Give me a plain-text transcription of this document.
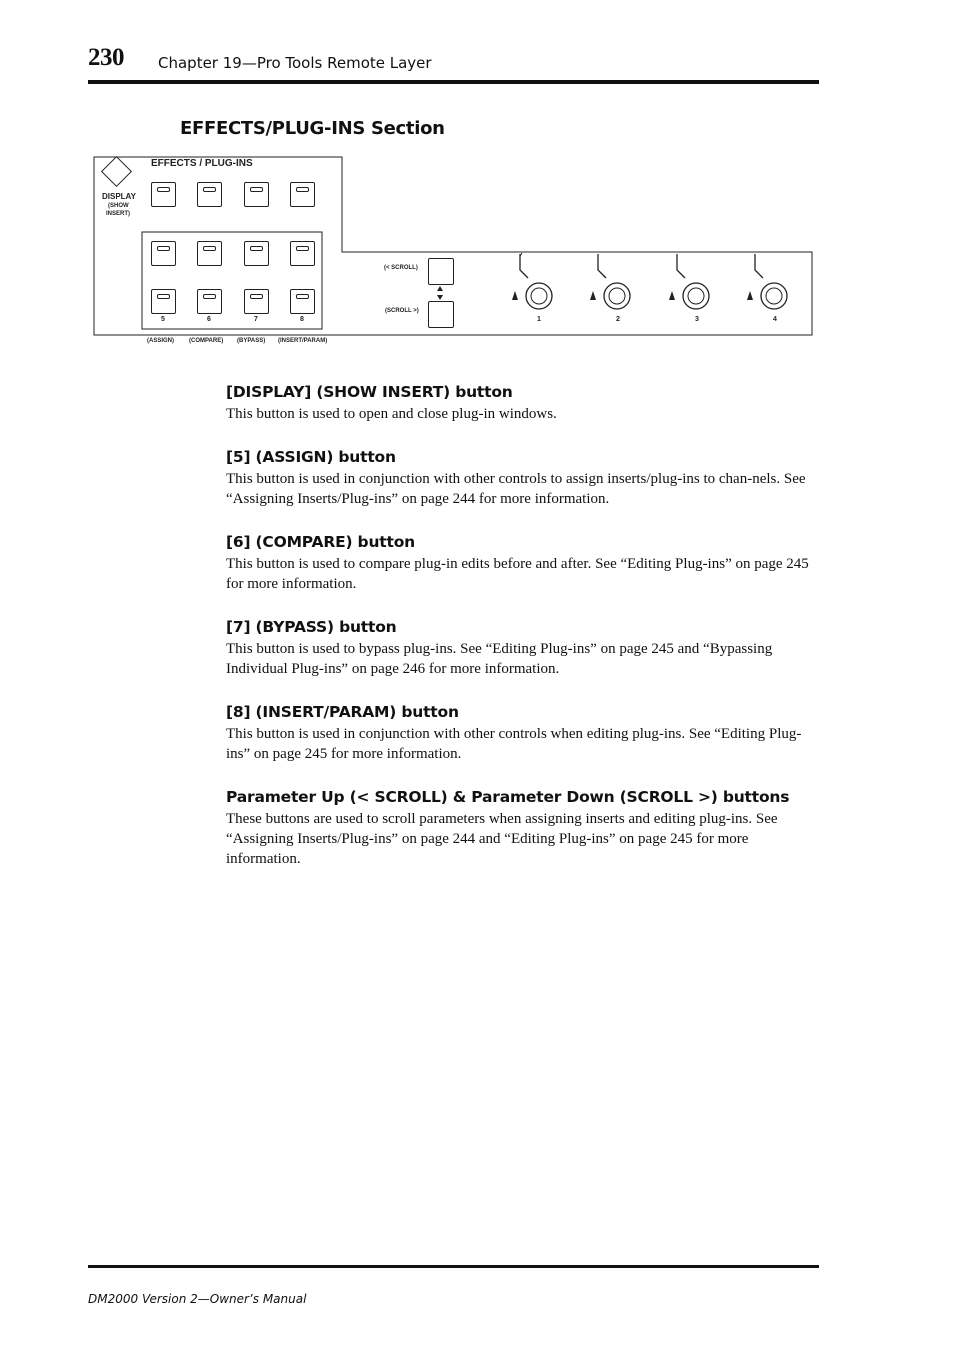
230 Chapter 19—Pro Tools Remote Layer
EFFECTS/PLUG-INS Section
EFFECTS / PLUG-INS
DISPLAY
(SHOW
INSERT)
5	6	7	8
(ASSIGN)	(COMPARE) (BYPASS) (INSERT/PARAM)
(< SCROLL)
(SCROLL >)
1	2	3	4
[DISPLAY] (SHOW INSERT) button
This button is used to open and close plug-in windows.
[5] (ASSIGN) button
This button is used in conjunction with other controls to assign inserts/plug-ins to chan-nels. See “Assigning Inserts/Plug-ins” on page 244 for more information.
[6] (COMPARE) button
This button is used to compare plug-in edits before and after. See “Editing Plug-ins” on page 245 for more information.
[7] (BYPASS) button
This button is used to bypass plug-ins. See “Editing Plug-ins” on page 245 and “Bypassing Individual Plug-ins” on page 246 for more information.
[8] (INSERT/PARAM) button
This button is used in conjunction with other controls when editing plug-ins. See “Editing Plug-ins” on page 245 for more information.
Parameter Up (< SCROLL) & Parameter Down (SCROLL >) buttons
These buttons are used to scroll parameters when assigning inserts and editing plug-ins. See “Assigning Inserts/Plug-ins” on page 244 and “Editing Plug-ins” on page 245 for more information.
DM2000 Version 2—Owner’s Manual
